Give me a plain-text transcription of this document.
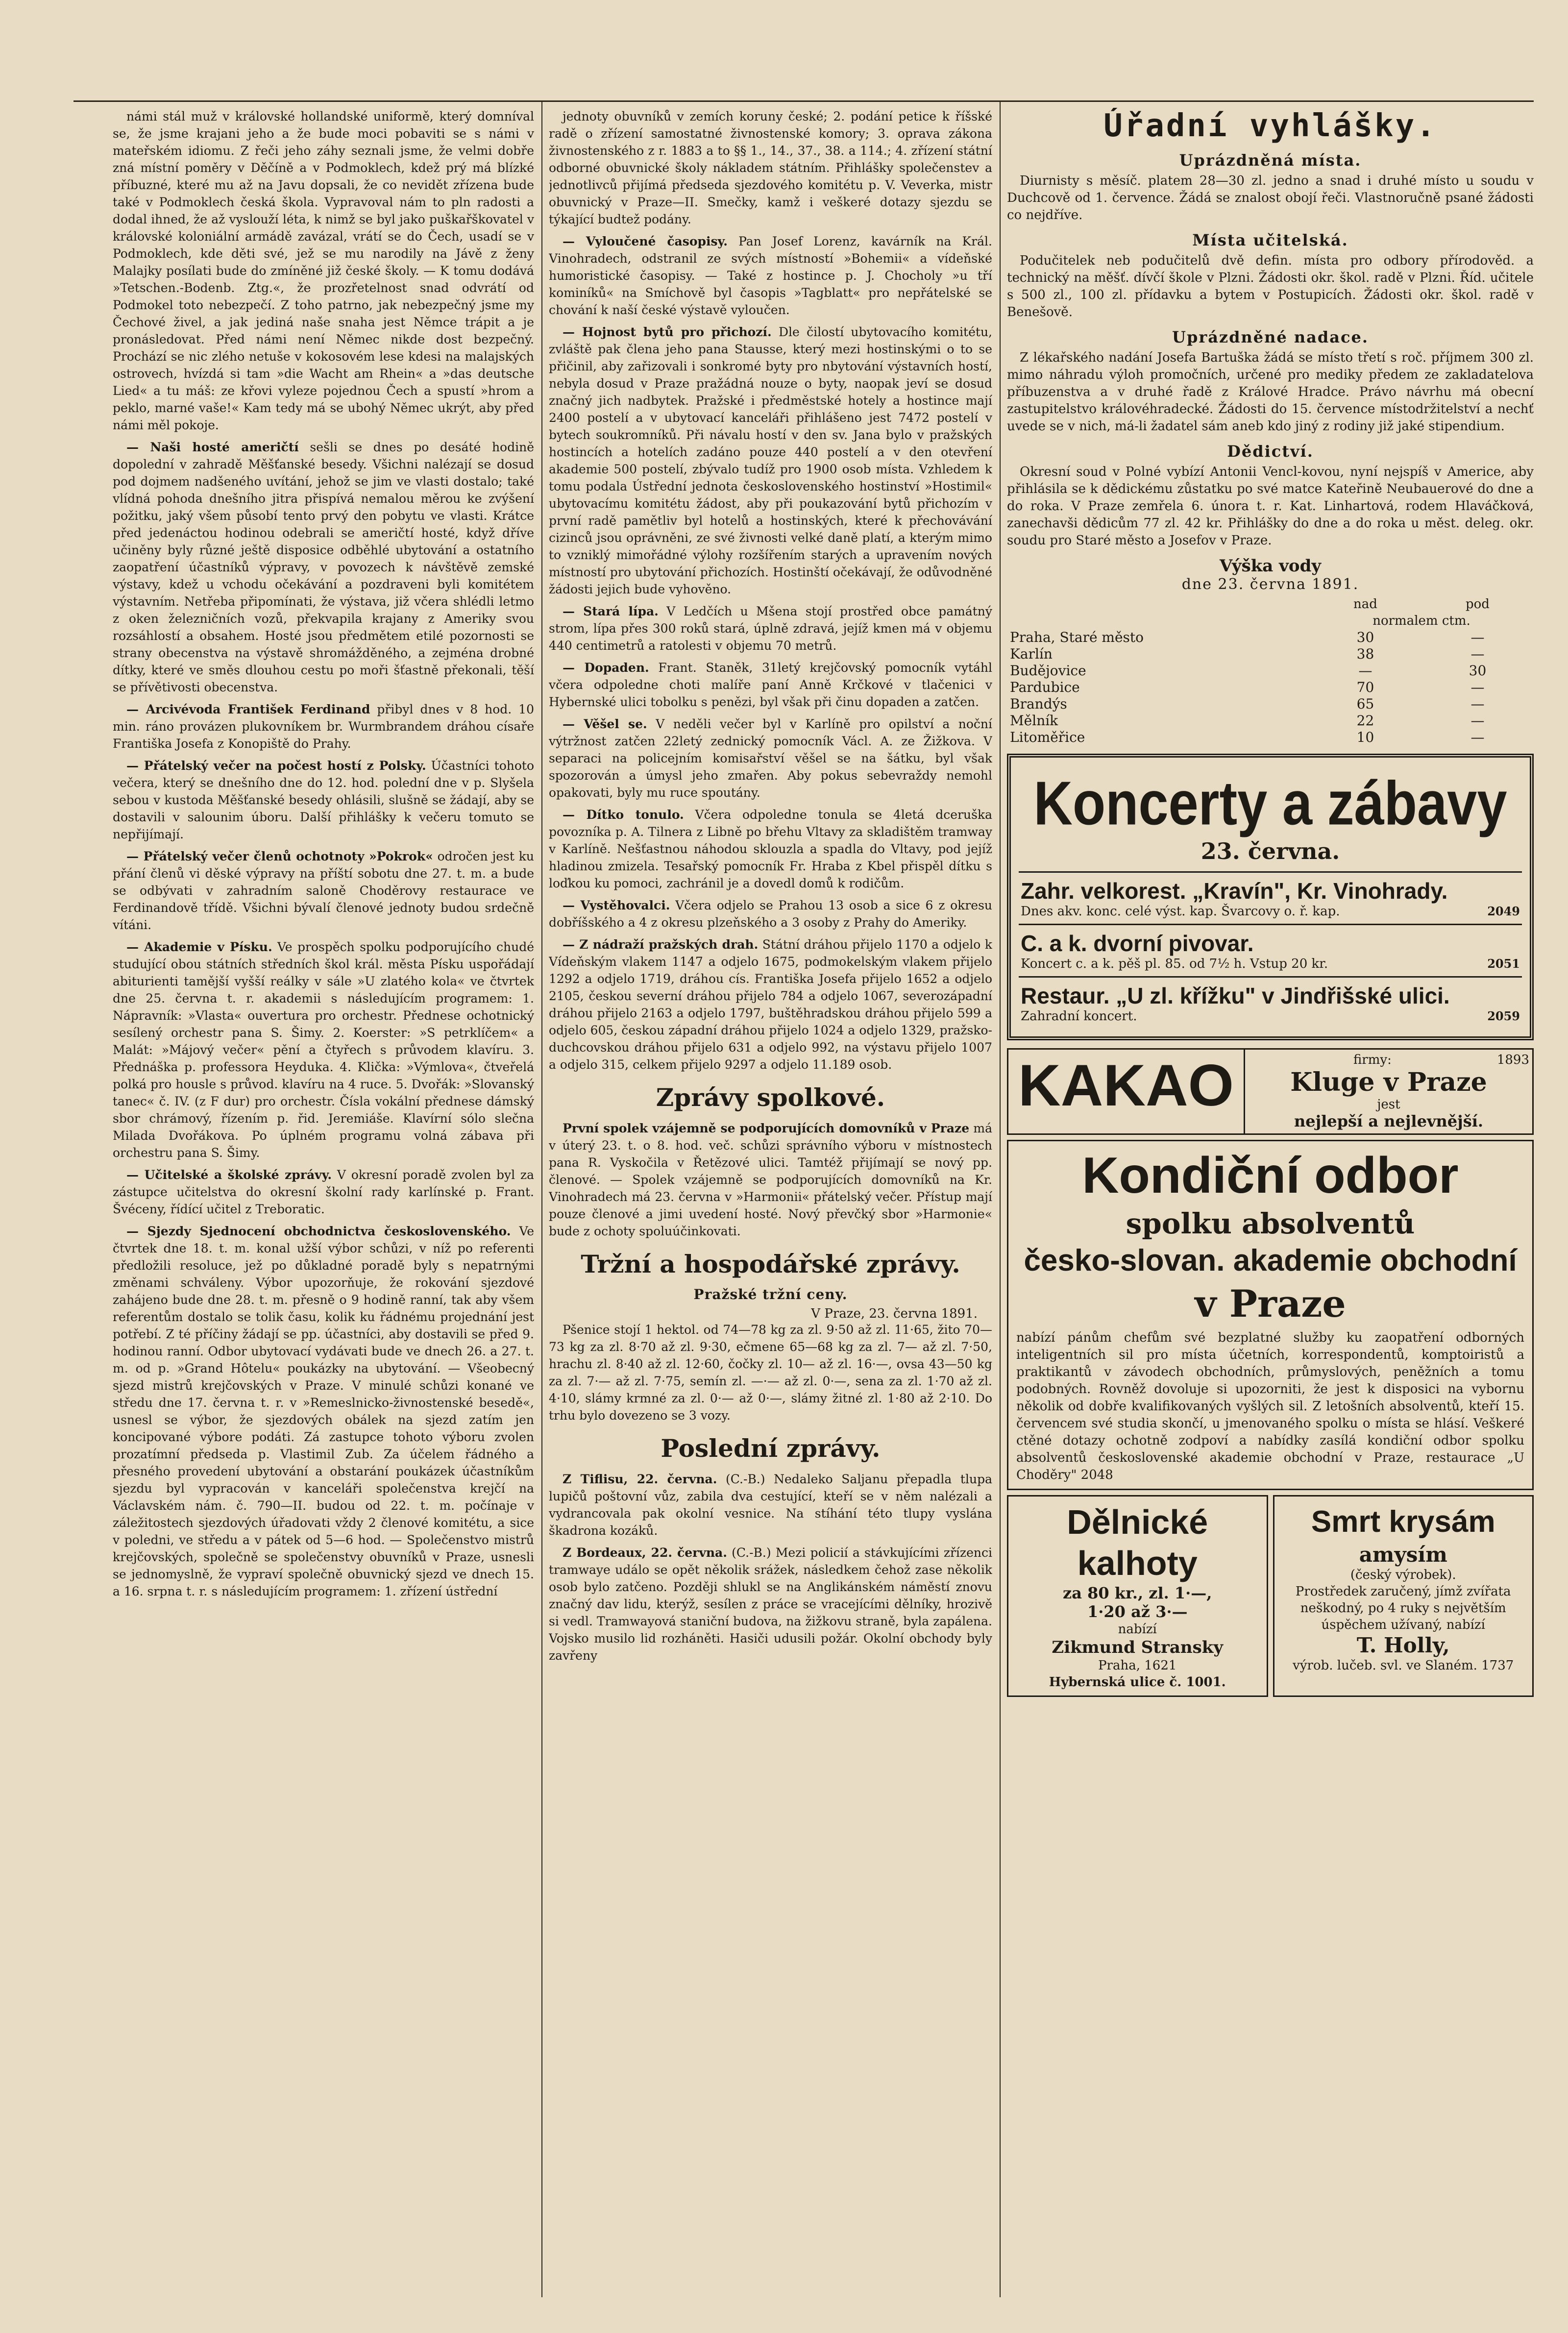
námi stál muž v královské hollandské uniformě, který domníval se, že jsme krajani jeho a že bude moci pobaviti se s námi v mateřském idiomu. Z řeči jeho záhy seznali jsme, že velmi dobře zná místní poměry v Děčíně a v Podmoklech, kdež prý má blízké příbuzné, které mu až na Javu dopsali, že co nevidět zřízena bude také v Podmoklech česká škola. Vypravoval nám to pln radosti a dodal ihned, že až vyslouží léta, k nimž se byl jako puškařškovatel v královské koloniální armádě zavázal, vrátí se do Čech, usadí se v Podmoklech, kde děti své, jež se mu narodily na Jávě z ženy Malajky posílati bude do zmíněné již české školy. — K tomu dodává »Tetschen.-Bodenb. Ztg.«, že prozřetelnost snad odvrátí od Podmokel toto nebezpečí. Z toho patrno, jak nebezpečný jsme my Čechové živel, a jak jediná naše snaha jest Němce trápit a je pronásledovat. Před námi není Němec nikde dost bezpečný. Prochází se nic zlého netuše v kokosovém lese kdesi na malajských ostrovech, hvízdá si tam »die Wacht am Rhein« a »das deutsche Lied« a tu máš: ze křovi vyleze pojednou Čech a spustí »hrom a peklo, marné vaše!« Kam tedy má se ubohý Němec ukrýt, aby před námi měl pokoje.

— Naši hosté američtí sešli se dnes po desáté hodině dopolední v zahradě Měšťanské besedy. Všichni nalézají se dosud pod dojmem nadšeného uvítání, jehož se jim ve vlasti dostalo; také vlídná pohoda dnešního jitra přispívá nemalou měrou ke zvýšení požitku, jaký všem působí tento prvý den pobytu ve vlasti. Krátce před jedenáctou hodinou odebrali se američtí hosté, když dříve učiněny byly různé ještě disposice odběhlé ubytování a ostatního zaopatření účastníků výpravy, v povozech k návštěvě zemské výstavy, kdež u vchodu očekávání a pozdraveni byli komitétem výstavním. Netřeba připomínati, že výstava, již včera shlédli letmo z oken železničních vozů, překvapila krajany z Ameriky svou rozsáhlostí a obsahem. Hosté jsou předmětem etilé pozornosti se strany obecenstva na výstavě shromážděného, a zejména drobné dítky, které ve směs dlouhou cestu po moři šťastně překonali, těší se přívětivosti obecenstva.

— Arcivévoda František Ferdinand přibyl dnes v 8 hod. 10 min. ráno provázen plukovníkem br. Wurmbrandem dráhou císaře Františka Josefa z Konopiště do Prahy.

— Přátelský večer na počest hostí z Polsky. Účastníci tohoto večera, který se dnešního dne do 12. hod. polední dne v p. Slyšela sebou v kustoda Měšťanské besedy ohlásili, slušně se žádají, aby se dostavili v salounim úboru. Další přihlášky k večeru tomuto se nepřijímají.

— Přátelský večer členů ochotnoty »Pokrok« odročen jest ku přání členů vi děské výpravy na příští sobotu dne 27. t. m. a bude se odbývati v zahradním saloně Choděrovy restaurace ve Ferdinandově třídě. Všichni bývalí členové jednoty budou srdečně vítáni.

— Akademie v Písku. Ve prospěch spolku podporujícího chudé studující obou státních středních škol král. města Písku uspořádají abiturienti tamější vyšší reálky v sále »U zlatého kola« ve čtvrtek dne 25. června t. r. akademii s následujícím programem: 1. Nápravník: »Vlasta« ouvertura pro orchestr. Přednese ochotnický sesílený orchestr pana S. Šimy. 2. Koerster: »S petrklíčem« a Malát: »Májový večer« pění a čtyřech s průvodem klavíru. 3. Přednáška p. professora Heyduka. 4. Klička: »Výmlova«, čtveřelá polká pro housle s průvod. klavíru na 4 ruce. 5. Dvořák: »Slovanský tanec« č. IV. (z F dur) pro orchestr. Čísla vokální přednese dámský sbor chrámový, řízením p. řid. Jeremiáše. Klavírní sólo slečna Milada Dvořákova. Po úplném programu volná zábava při orchestru pana S. Šimy.

— Učitelské a školské zprávy. V okresní poradě zvolen byl za zástupce učitelstva do okresní školní rady karlínské p. Frant. Švéceny, řídící učitel z Treboratic.

— Sjezdy Sjednocení obchodnictva československého. Ve čtvrtek dne 18. t. m. konal užší výbor schůzi, v níž po referenti předložili resoluce, jež po důkladné poradě byly s nepatrnými změnami schváleny. Výbor upozorňuje, že rokování sjezdové zahájeno bude dne 28. t. m. přesně o 9 hodině ranní, tak aby všem referentům dostalo se tolik času, kolik ku řádnému projednání jest potřebí. Z té příčiny žádají se pp. účastníci, aby dostavili se před 9. hodinou ranní. Odbor ubytovací vydávati bude ve dnech 26. a 27. t. m. od p. »Grand Hôtelu« poukázky na ubytování. — Všeobecný sjezd mistrů krejčovských v Praze. V minulé schůzi konané ve středu dne 17. června t. r. v »Remeslnicko-živnostenské besedě«, usnesl se výbor, že sjezdových obálek na sjezd zatím jen koncipované výbore podáti. Zá zastupce tohoto výboru zvolen prozatímní předseda p. Vlastimil Zub. Za účelem řádného a přesného provedení ubytování a obstarání poukázek účastníkům sjezdu byl vypracován v kanceláři společenstva krejčí na Václavském nám. č. 790—II. budou od 22. t. m. počínaje v záležitostech sjezdových úřadovati vždy 2 členové komitétu, a sice v poledni, ve středu a v pátek od 5—6 hod. — Společenstvo mistrů krejčovských, společně se společenstvy obuvníků v Praze, usnesli se jednomyslně, že vypraví společně obuvnický sjezd ve dnech 15. a 16. srpna t. r. s následujícím programem: 1. zřízení ústřední

jednoty obuvníků v zemích koruny české; 2. podání petice k říšské radě o zřízení samostatné živnostenské komory; 3. oprava zákona živnostenského z r. 1883 a to §§ 1., 14., 37., 38. a 114.; 4. zřízení státní odborné obuvnické školy nákladem státním. Přihlášky společenstev a jednotlivců přijímá předseda sjezdového komitétu p. V. Veverka, mistr obuvnický v Praze—II. Smečky, kamž i veškeré dotazy sjezdu se týkající budtež podány.

— Vyloučené časopisy. Pan Josef Lorenz, kavárník na Král. Vinohradech, odstranil ze svých místností »Bohemii« a vídeňské humoristické časopisy. — Také z hostince p. J. Chocholy »u tří kominíků« na Smíchově byl časopis »Tagblatt« pro nepřátelské se chování k naší české výstavě vyloučen.

— Hojnost bytů pro přichozí. Dle čilostí ubytovacího komitétu, zvláště pak člena jeho pana Stausse, který mezi hostinskými o to se přičinil, aby zařizovali i sonkromé byty pro nbytování výstavních hostí, nebyla dosud v Praze pražádná nouze o byty, naopak jeví se dosud značný jich nadbytek. Pražské i předměstské hotely a hostince mají 2400 postelí a v ubytovací kanceláři přihlášeno jest 7472 postelí v bytech soukromníků. Při návalu hostí v den sv. Jana bylo v pražských hostincích a hotelích zadáno pouze 440 postelí a v den otevření akademie 500 postelí, zbývalo tudíž pro 1900 osob místa. Vzhledem k tomu podala Ústřední jednota československého hostinství »Hostimil« ubytovacímu komitétu žádost, aby při poukazování bytů přichozím v první radě pamětliv byl hotelů a hostinských, které k přechovávání cizinců jsou oprávněni, ze své živnosti velké daně platí, a kterým mimo to vzniklý mimořádné výlohy rozšířením starých a upravením nových místností pro ubytování přichozích. Hostinští očekávají, že odůvodněné žádosti jejich bude vyhověno.

— Stará lípa. V Ledčích u Mšena stojí prostřed obce památný strom, lípa přes 300 roků stará, úplně zdravá, jejíž kmen má v objemu 440 centimetrů a ratolesti v objemu 70 metrů.

— Dopaden. Frant. Staněk, 31letý krejčovský pomocník vytáhl včera odpoledne choti malíře paní Anně Krčkové v tlačenici v Hybernské ulici tobolku s penězi, byl však při činu dopaden a zatčen.

— Věšel se. V neděli večer byl v Karlíně pro opilství a noční výtržnost zatčen 22letý zednický pomocník Václ. A. ze Žižkova. V separaci na policejním komisařství věšel se na šátku, byl však spozorován a úmysl jeho zmařen. Aby pokus sebevraždy nemohl opakovati, byly mu ruce spoutány.

— Dítko tonulo. Včera odpoledne tonula se 4letá dceruška povozníka p. A. Tilnera z Libně po břehu Vltavy za skladištěm tramway v Karlíně. Nešťastnou náhodou sklouzla a spadla do Vltavy, pod jejíž hladinou zmizela. Tesařský pomocník Fr. Hraba z Kbel přispěl dítku s loďkou ku pomoci, zachránil je a dovedl domů k rodičům.

— Vystěhovalci. Včera odjelo se Prahou 13 osob a sice 6 z okresu dobříšského a 4 z okresu plzeňského a 3 osoby z Prahy do Ameriky.

— Z nádraží pražských drah. Státní dráhou přijelo 1170 a odjelo k Vídeňským vlakem 1147 a odjelo 1675, podmokelským vlakem přijelo 1292 a odjelo 1719, dráhou cís. Františka Josefa přijelo 1652 a odjelo 2105, českou severní dráhou přijelo 784 a odjelo 1067, severozápadní dráhou přijelo 2163 a odjelo 1797, buštěhradskou dráhou přijelo 599 a odjelo 605, českou západní dráhou přijelo 1024 a odjelo 1329, pražsko-duchcovskou dráhou přijelo 631 a odjelo 992, na výstavu přijelo 1007 a odjelo 315, celkem přijelo 9297 a odjelo 11.189 osob.

Zprávy spolkové.

První spolek vzájemně se podporujících domovníků v Praze má v úterý 23. t. o 8. hod. več. schůzi správního výboru v místnostech pana R. Vyskočila v Řetězové ulici. Tamtéž přijímají se nový pp. členové. — Spolek vzájemně se podporujících domovníků na Kr. Vinohradech má 23. června v »Harmonii« přátelský večer. Přístup mají pouze členové a jimi uvedení hosté. Nový převčký sbor »Harmonie« bude z ochoty spoluúčinkovati.

Tržní a hospodářské zprávy.
Pražské tržní ceny.
V Praze, 23. června 1891.

Pšenice stojí 1 hektol. od 74—78 kg za zl. 9·50 až zl. 11·65, žito 70—73 kg za zl. 8·70 až zl. 9·30, ečmene 65—68 kg za zl. 7— až zl. 7·50, hrachu zl. 8·40 až zl. 12·60, čočky zl. 10— až zl. 16·—, ovsa 43—50 kg za zl. 7·— až zl. 7·75, semín zl. —·— až zl. 0·—, sena za zl. 1·70 až zl. 4·10, slámy krmné za zl. 0·— až 0·—, slámy žitné zl. 1·80 až 2·10. Do trhu bylo dovezeno se 3 vozy.

Poslední zprávy.

Z Tiflisu, 22. června. (C.-B.) Nedaleko Saljanu přepadla tlupa lupičů poštovní vůz, zabila dva cestující, kteří se v něm nalézali a vydrancovala pak okolní vesnice. Na stíhání této tlupy vyslána škadrona kozáků.

Z Bordeaux, 22. června. (C.-B.) Mezi policií a stávkujícími zřízenci tramwaye událo se opět několik srážek, následkem čehož zase několik osob bylo zatčeno. Později shlukl se na Anglikánském náměstí znovu značný dav lidu, kterýž, sesílen z práce se vracejícími dělníky, hrozivě si vedl. Tramwayová staniční budova, na žižkovu straně, byla zapálena. Vojsko musilo lid rozháněti. Hasiči udusili požár. Okolní obchody byly zavřeny

Úřadní vyhlášky.
Uprázdněná místa.

Diurnisty s měsíč. platem 28—30 zl. jedno a snad i druhé místo u soudu v Duchcově od 1. července. Žádá se znalost obojí řeči. Vlastnoručně psané žádosti co nejdříve.

Místa učitelská.

Podučitelek neb podučitelů dvě defin. místa pro odbory přírodověd. a technický na měšť. dívčí škole v Plzni. Žádosti okr. škol. radě v Plzni. Říd. učitele s 500 zl., 100 zl. přídavku a bytem v Postupicích. Žádosti okr. škol. radě v Benešově.

Uprázdněné nadace.

Z lékařského nadání Josefa Bartuška žádá se místo třetí s roč. příjmem 300 zl. mimo náhradu výloh promočních, určené pro mediky předem ze zakladatelova příbuzenstva a v druhé řadě z Králové Hradce. Právo návrhu má obecní zastupitelstvo královéhradecké. Žádosti do 15. července místodržitelství a nechť uvede se v nich, má-li žadatel sám aneb kdo jiný z rodiny již jaké stipendium.

Dědictví.

Okresní soud v Polné vybízí Antonii Vencl-kovou, nyní nejspíš v Americe, aby přihlásila se k dědickému zůstatku po své matce Kateřině Neubauerové do dne a do roka. V Praze zemřela 6. února t. r. Kat. Linhartová, rodem Hlaváčková, zanechavši dědicům 77 zl. 42 kr. Přihlášky do dne a do roka u měst. deleg. okr. soudu pro Staré město a Josefov v Praze.

Výška vody
dne 23. června 1891.
	nad	pod
	normalem ctm.	
Praha, Staré město	30	—
Karlín	38	—
Budějovice	—	30
Pardubice	70	—
Brandýs	65	—
Mělník	22	—
Litoměřice	10	—
Koncerty a zábavy
23. června.
Zahr. velkorest. „Kravín", Kr. Vinohrady.
2049
Dnes akv. konc. celé výst. kap. Švarcovy o. ř. kap.
C. a k. dvorní pivovar.
2051
Koncert c. a k. pěš pl. 85. od 7½ h. Vstup 20 kr.
Restaur. „U zl. křížku" v Jindřišské ulici.
2059
Zahradní koncert.
KAKAO	firmy:	1893
Kluge v Praze
jest
nejlepší a nejlevnější.
Kondiční odbor
spolku absolventů
česko-slovan. akademie obchodní
v Praze
nabízí pánům chefům své bezplatné služby ku zaopatření odborných inteligentních sil pro místa účetních, korrespondentů, komptoiristů a praktikantů v závodech obchodních, průmyslových, peněžních a tomu podobných. Rovněž dovoluje si upozorniti, že jest k disposici na vybornu několik od dobře kvalifikovaných vyšlých sil. Z letošních absolventů, kteří 15. červencem své studia skončí, u jmenovaného spolku o místa se hlásí. Veškeré ctěné dotazy ochotně zodpoví a nabídky zasílá kondiční odbor spolku absolventů československé akademie obchodní v Praze, restaurace „U Choděry" 2048
Dělnické
kalhoty
za 80 kr., zl. 1·—,
1·20 až 3·—
nabízí
Zikmund Stransky
Praha, 1621
Hybernská ulice č. 1001.
Smrt krysám
amysím
(český výrobek).
Prostředek zaručený, jímž zvířata neškodný, po 4 ruky s největším úspěchem užívaný, nabízí
T. Holly,
výrob. lučeb. svl. ve Slaném. 1737
